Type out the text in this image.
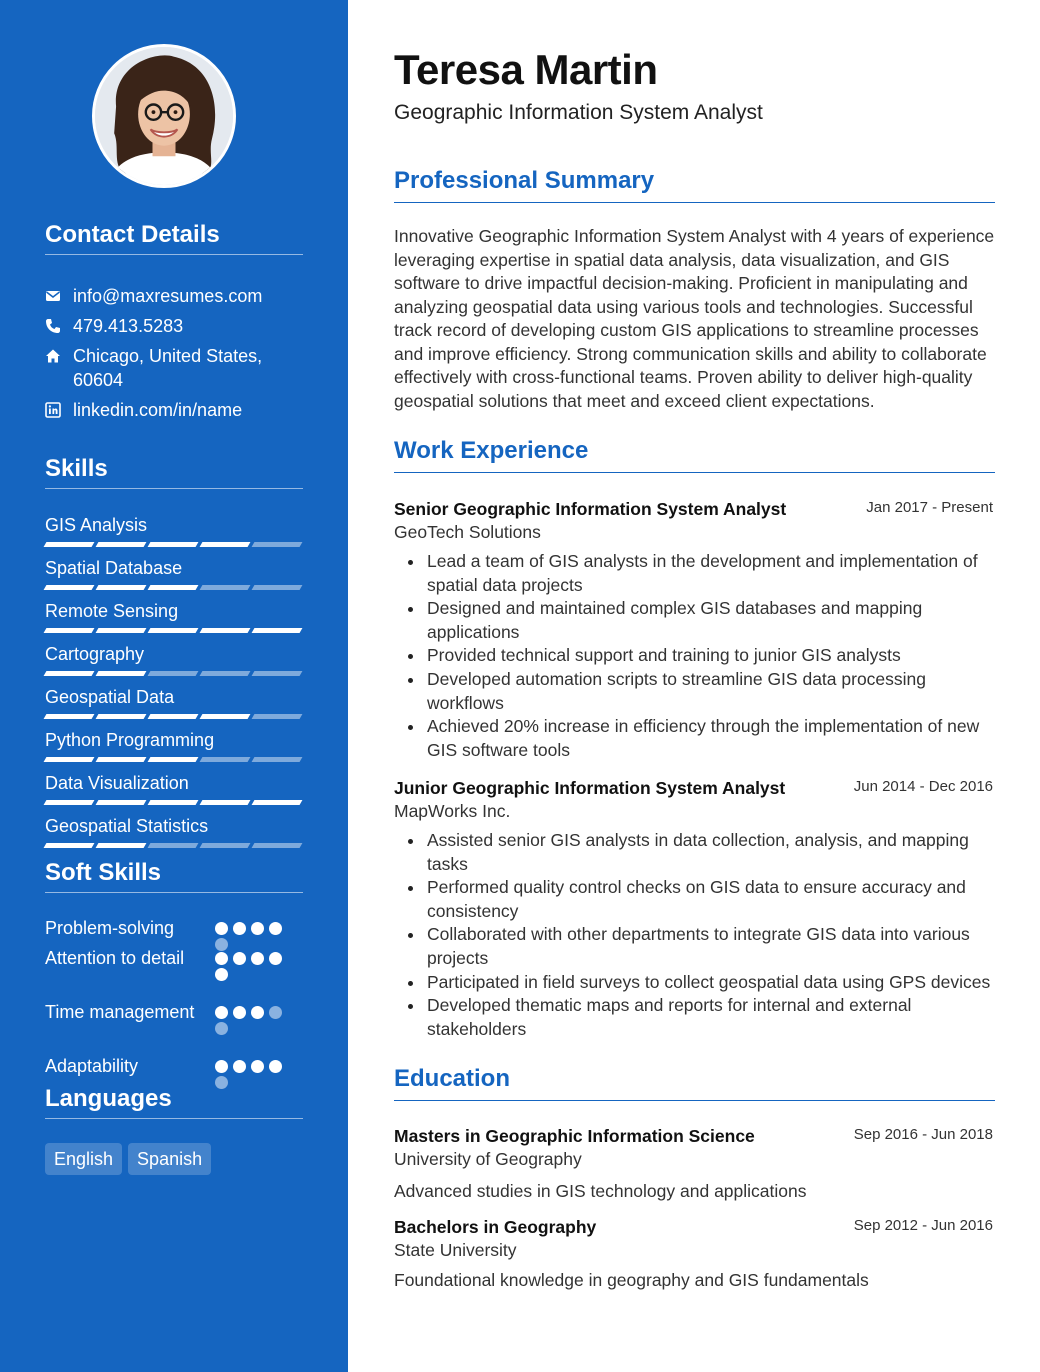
Contact Details
info@maxresumes.com
479.413.5283
Chicago, United States, 60604
linkedin.com/in/name
Skills
GIS Analysis
Spatial Database
Remote Sensing
Cartography
Geospatial Data
Python Programming
Data Visualization
Geospatial Statistics
Soft Skills
Problem-solving
Attention to detail
Time management
Adaptability
Languages
English	Spanish
Teresa Martin
Geographic Information System Analyst
Professional Summary

Innovative Geographic Information System Analyst with 4 years of experience leveraging expertise in spatial data analysis, data visualization, and GIS software to drive impactful decision-making. Proficient in manipulating and analyzing geospatial data using various tools and technologies. Successful track record of developing custom GIS applications to streamline processes and improve efficiency. Strong communication skills and ability to collaborate effectively with cross-functional teams. Proven ability to deliver high-quality geospatial solutions that meet and exceed client expectations.

Work Experience
Senior Geographic Information System Analyst	Jan 2017 - Present
GeoTech Solutions
Lead a team of GIS analysts in the development and implementation of spatial data projects
Designed and maintained complex GIS databases and mapping applications
Provided technical support and training to junior GIS analysts
Developed automation scripts to streamline GIS data processing workflows
Achieved 20% increase in efficiency through the implementation of new GIS software tools
Junior Geographic Information System Analyst	Jun 2014 - Dec 2016
MapWorks Inc.
Assisted senior GIS analysts in data collection, analysis, and mapping tasks
Performed quality control checks on GIS data to ensure accuracy and consistency
Collaborated with other departments to integrate GIS data into various projects
Participated in field surveys to collect geospatial data using GPS devices
Developed thematic maps and reports for internal and external stakeholders
Education
Masters in Geographic Information Science	Sep 2016 - Jun 2018
University of Geography
Advanced studies in GIS technology and applications
Bachelors in Geography	Sep 2012 - Jun 2016
State University
Foundational knowledge in geography and GIS fundamentals
